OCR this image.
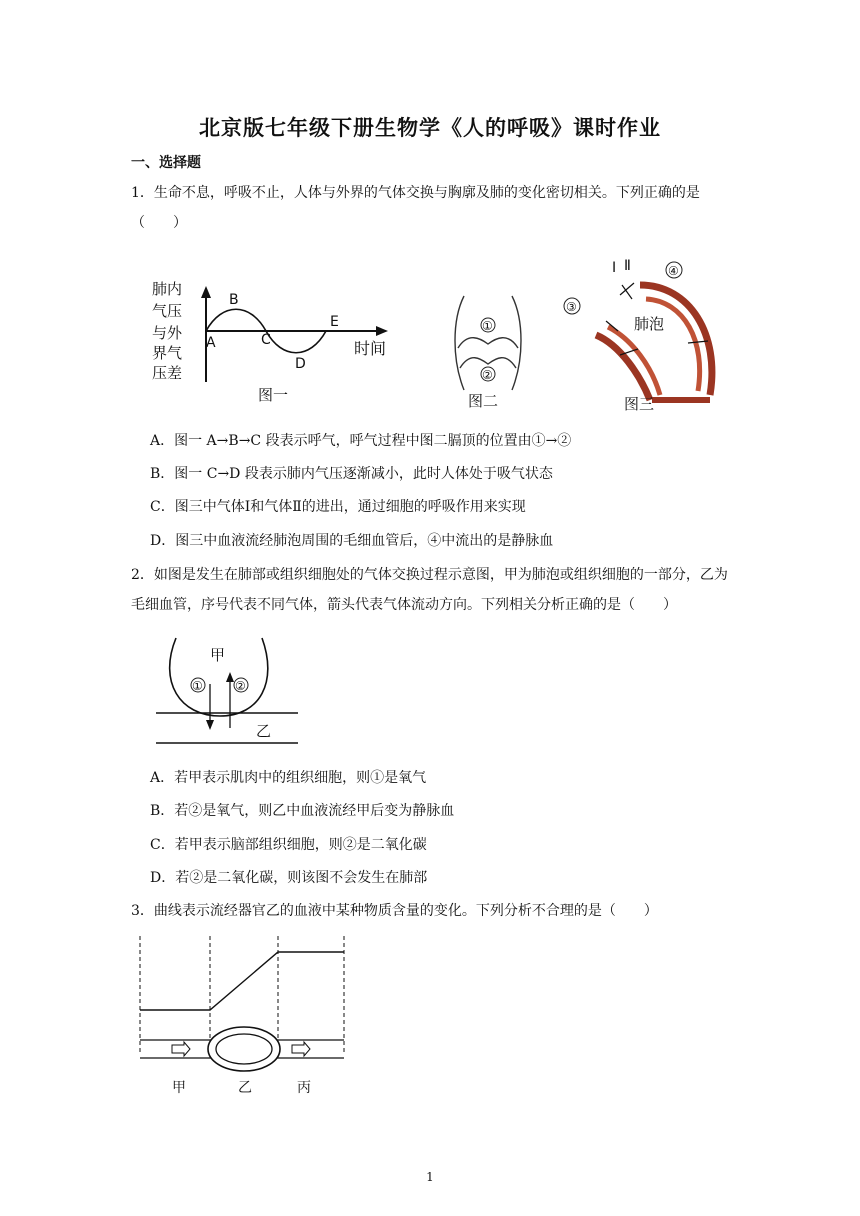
北京版七年级下册生物学《人的呼吸》课时作业
一、选择题
1．生命不息，呼吸不止，人体与外界的气体交换与胸廓及肺的变化密切相关。下列正确的是（　　）
肺内
气压
与外
界气
压差
A
B
C
D
E
时间
图一
①
②
图二
Ⅰ Ⅱ	④
③
肺泡
图三
A．图一 A→B→C 段表示呼气，呼气过程中图二膈顶的位置由①→②
B．图一 C→D 段表示肺内气压逐渐减小，此时人体处于吸气状态
C．图三中气体Ⅰ和气体Ⅱ的进出，通过细胞的呼吸作用来实现
D．图三中血液流经肺泡周围的毛细血管后，④中流出的是静脉血
2．如图是发生在肺部或组织细胞处的气体交换过程示意图，甲为肺泡或组织细胞的一部分，乙为毛细血管，序号代表不同气体，箭头代表气体流动方向。下列相关分析正确的是（　　）
甲
①	②
乙
A．若甲表示肌肉中的组织细胞，则①是氧气
B．若②是氧气，则乙中血液流经甲后变为静脉血
C．若甲表示脑部组织细胞，则②是二氧化碳
D．若②是二氧化碳，则该图不会发生在肺部
3．曲线表示流经器官乙的血液中某种物质含量的变化。下列分析不合理的是（　　）
甲	乙	丙
1
